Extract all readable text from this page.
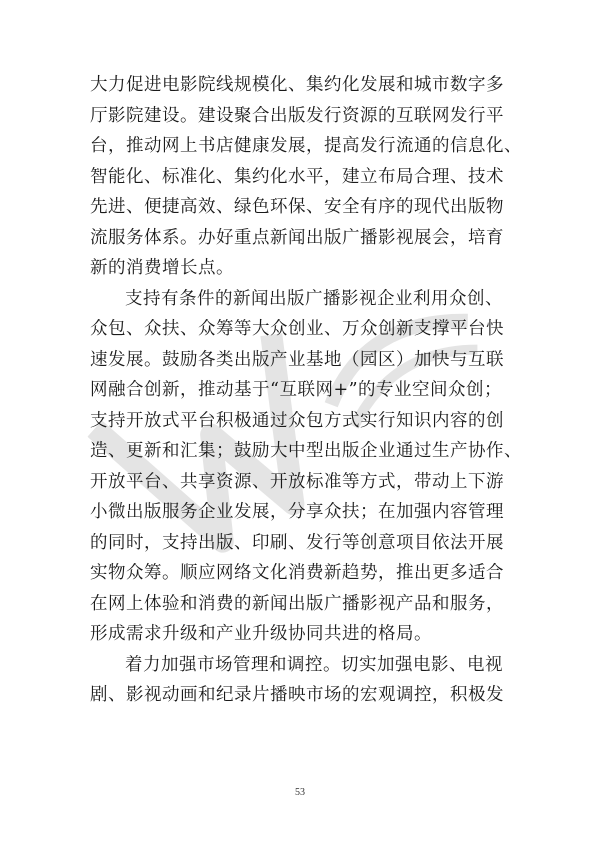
大力促进电影院线规模化、集约化发展和城市数字多
厅影院建设。建设聚合出版发行资源的互联网发行平
台，推动网上书店健康发展，提高发行流通的信息化、
智能化、标准化、集约化水平，建立布局合理、技术
先进、便捷高效、绿色环保、安全有序的现代出版物
流服务体系。办好重点新闻出版广播影视展会，培育
新的消费增长点。
支持有条件的新闻出版广播影视企业利用众创、
众包、众扶、众筹等大众创业、万众创新支撑平台快
速发展。鼓励各类出版产业基地（园区）加快与互联
网融合创新，推动基于“互联网+”的专业空间众创；
支持开放式平台积极通过众包方式实行知识内容的创
造、更新和汇集；鼓励大中型出版企业通过生产协作、
开放平台、共享资源、开放标准等方式，带动上下游
小微出版服务企业发展，分享众扶；在加强内容管理
的同时，支持出版、印刷、发行等创意项目依法开展
实物众筹。顺应网络文化消费新趋势，推出更多适合
在网上体验和消费的新闻出版广播影视产品和服务，
形成需求升级和产业升级协同共进的格局。
着力加强市场管理和调控。切实加强电影、电视
剧、影视动画和纪录片播映市场的宏观调控，积极发
53
